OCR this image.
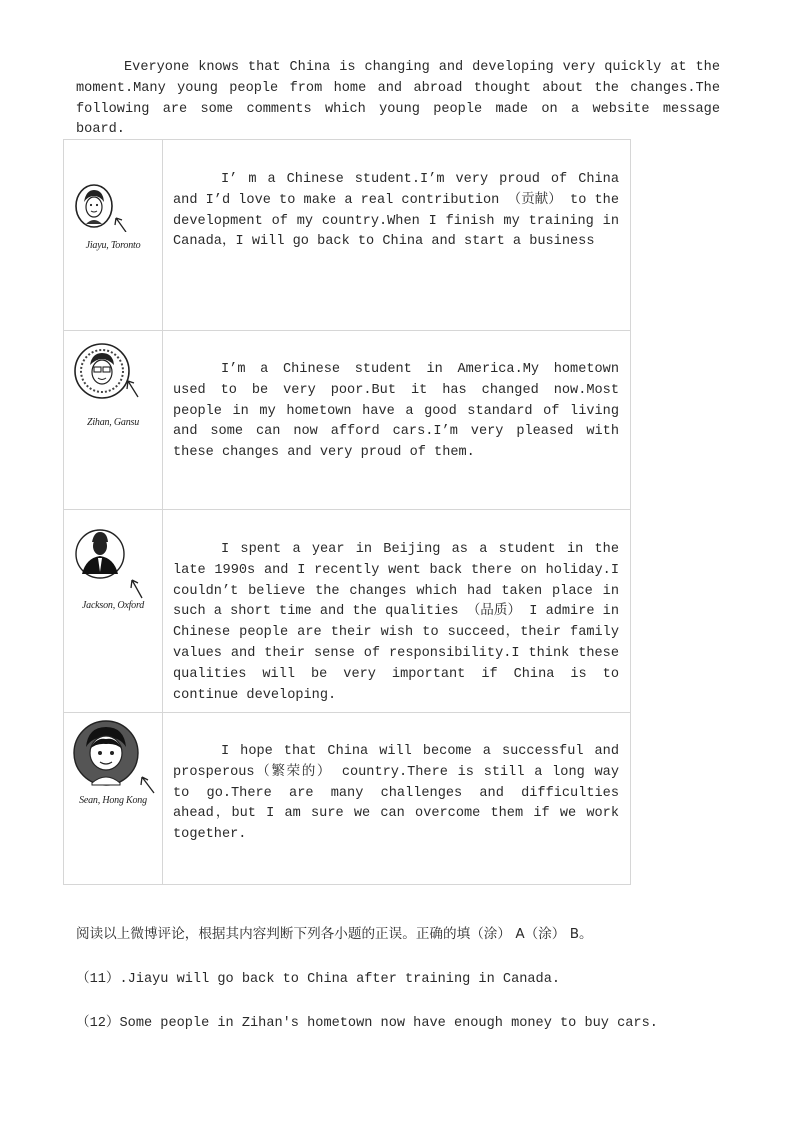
Everyone knows that China is changing and developing very quickly at the moment.Many young people from home and abroad thought about the changes.The following are some comments which young people made on a website message board.

Jiayu, Toronto	I’ m a Chinese student.I’m very proud of China and I’d love to make a real contribution （贡献） to the development of my country.When I finish my training in Canada，I will go back to China and start a business

Zihan, Gansu	I’m a Chinese student in America.My hometown used to be very poor.But it has changed now.Most people in my hometown have a good standard of living and some can now afford cars.I’m very pleased with these changes and very proud of them.

Jackson, Oxford	I spent a year in Beijing as a student in the late 1990s and I recently went back there on holiday.I couldn’t believe the changes which had taken place in such a short time and the qualities （品质） I admire in Chinese people are their wish to succeed，their family values and their sense of responsibility.I think these qualities will be very important if China is to continue developing.

Sean, Hong Kong	I hope that China will become a successful and prosperous（繁荣的） country.There is still a long way to go.There are many challenges and difficulties ahead，but I am sure we can overcome them if we work together.

阅读以上微博评论，根据其内容判断下列各小题的正误。正确的填（涂） A（涂） B。
（11）.Jiayu will go back to China after training in Canada.
（12）Some people in Zihan's hometown now have enough money to buy cars.
